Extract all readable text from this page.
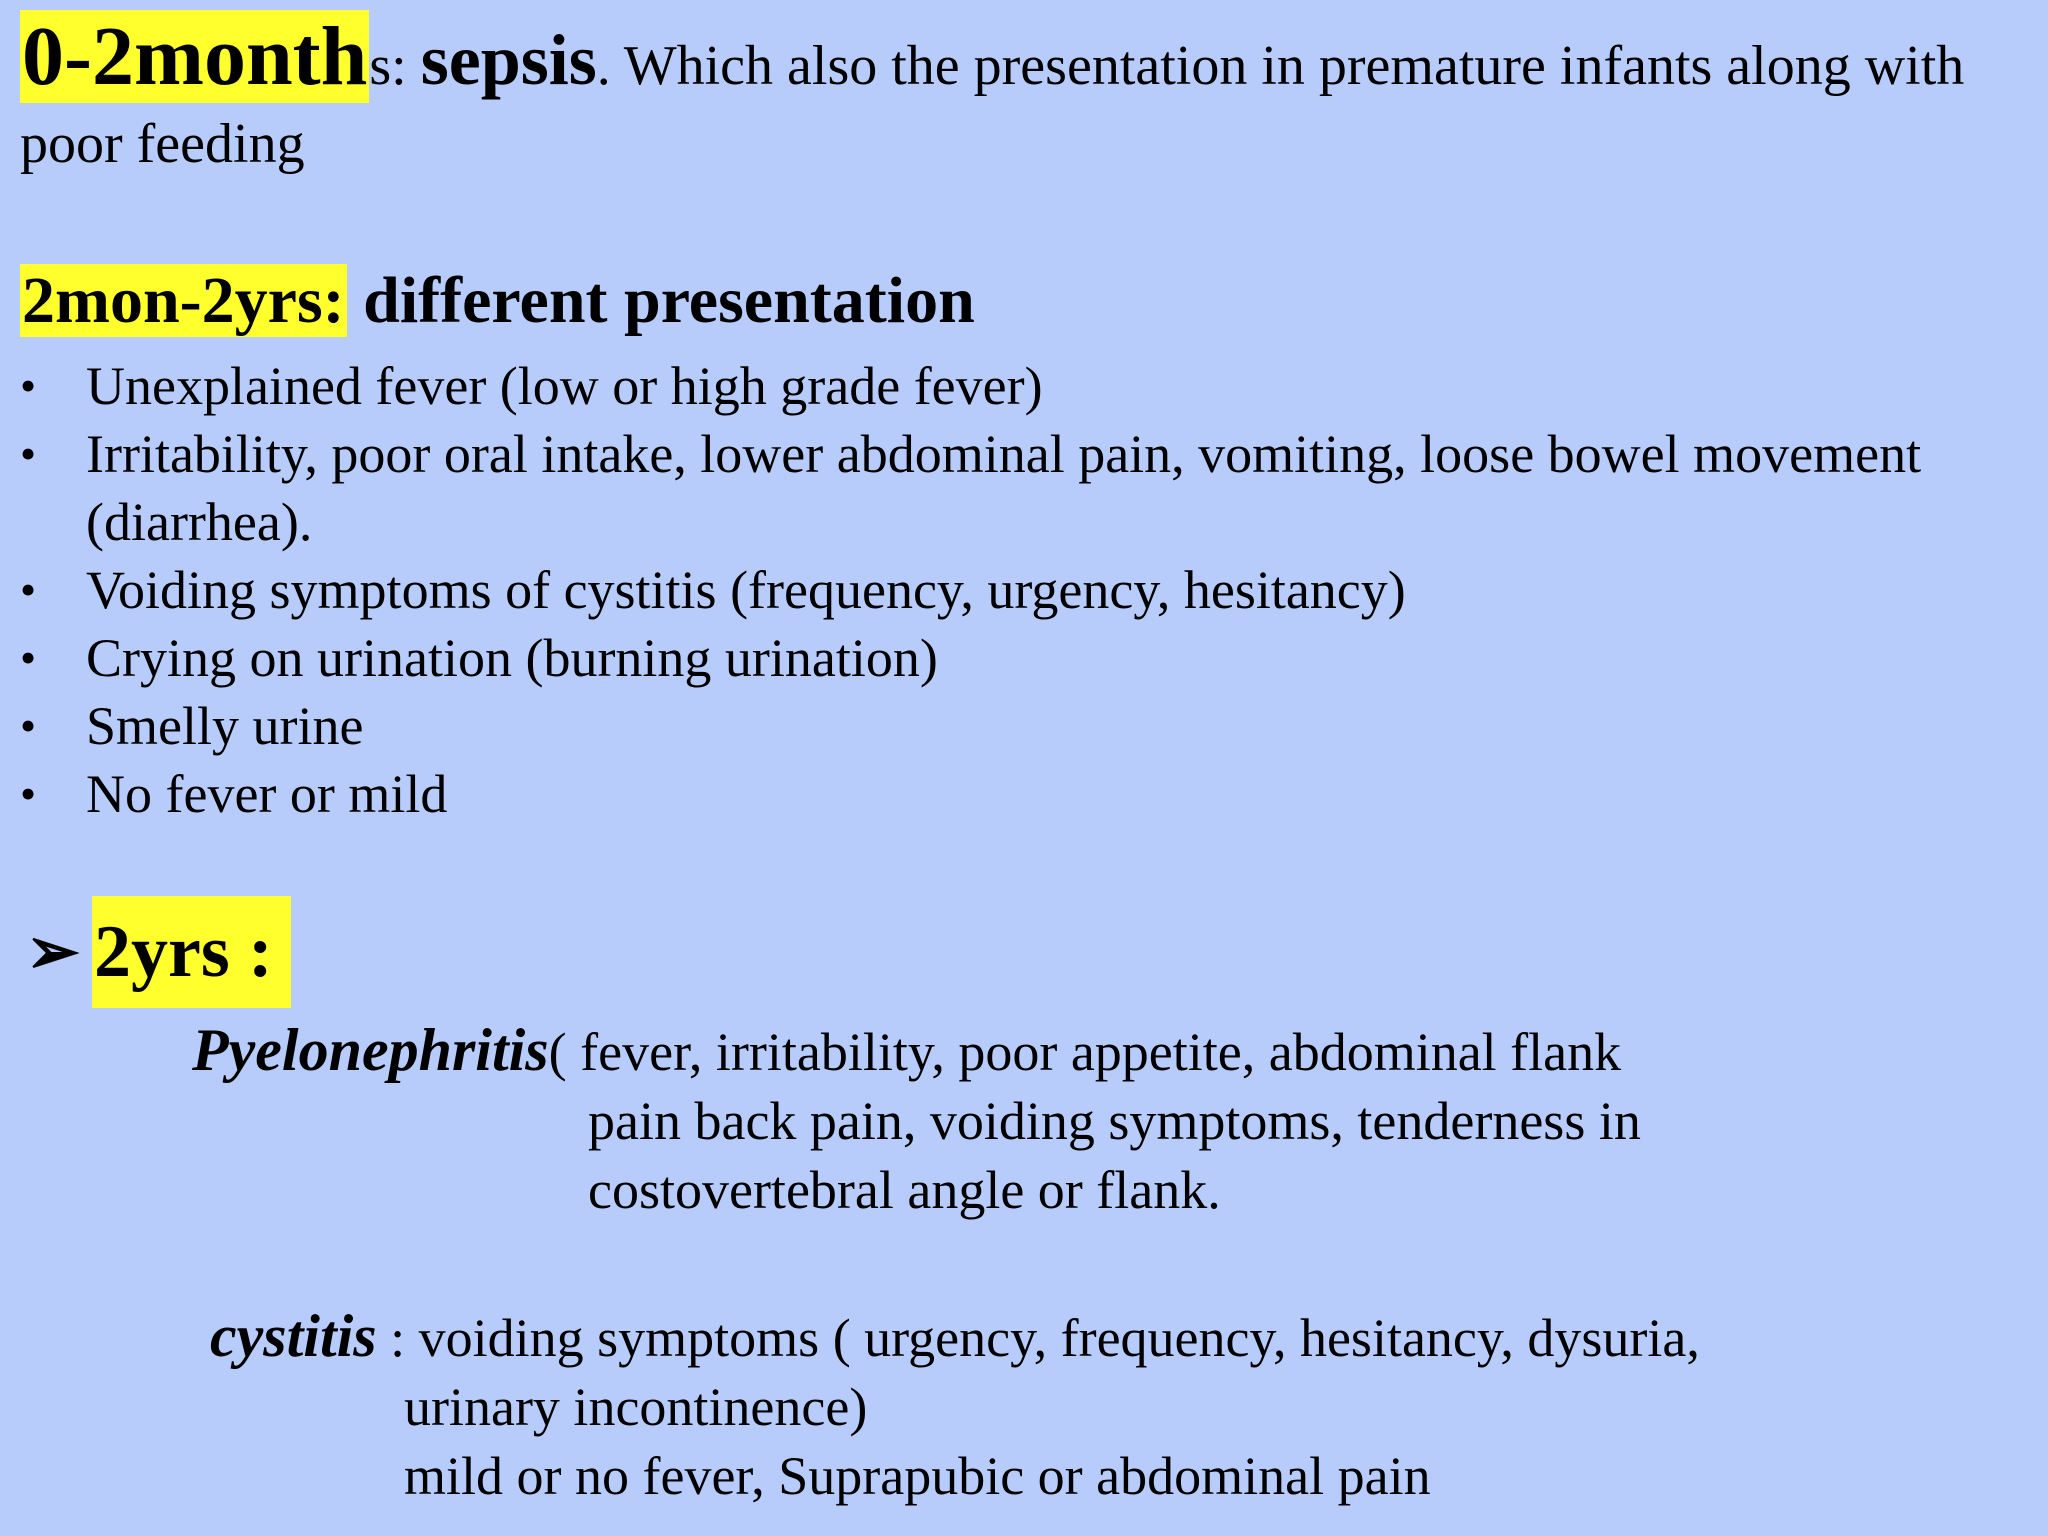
0-2months: sepsis. Which also the presentation in premature infants along with poor feeding
2mon-2yrs: different presentation
• Unexplained fever (low or high grade fever)
• Irritability, poor oral intake, lower abdominal pain, vomiting, loose bowel movement (diarrhea).
• Voiding symptoms of cystitis (frequency, urgency, hesitancy)
• Crying on urination (burning urination)
• Smelly urine
• No fever or mild
➢ 2yrs :
Pyelonephritis( fever, irritability, poor appetite, abdominal flank
pain back pain, voiding symptoms, tenderness in
costovertebral angle or flank.
cystitis : voiding symptoms ( urgency, frequency, hesitancy, dysuria,
urinary incontinence)
mild or no fever, Suprapubic or abdominal pain
